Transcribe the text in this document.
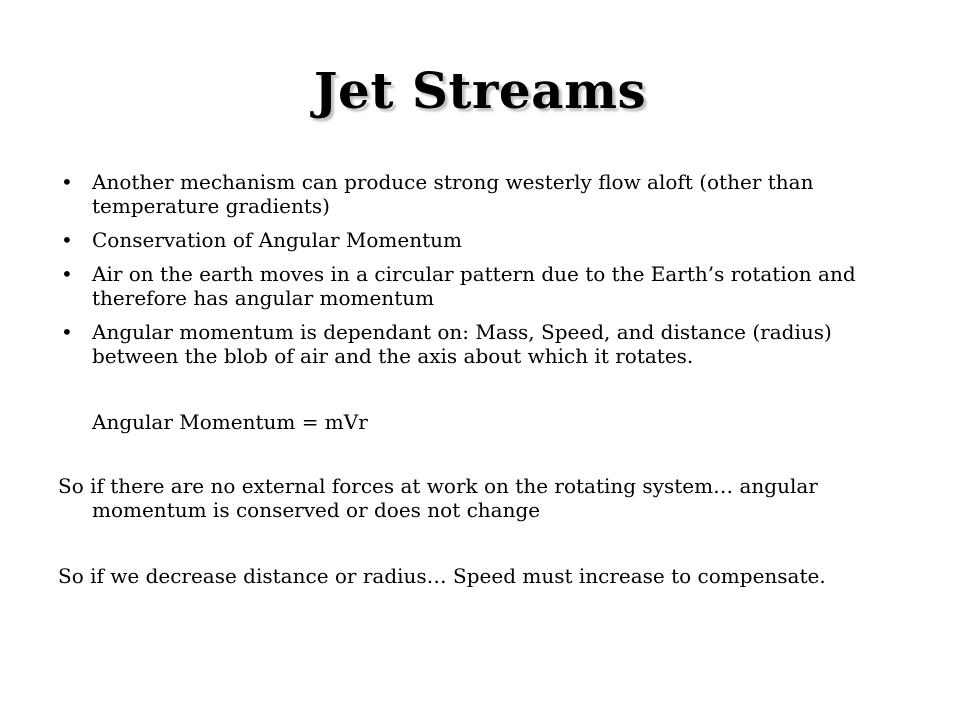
Jet Streams
• Another mechanism can produce strong westerly flow aloft (other than temperature gradients)
• Conservation of Angular Momentum
• Air on the earth moves in a circular pattern due to the Earth’s rotation and therefore has angular momentum
• Angular momentum is dependant on: Mass, Speed, and distance (radius) between the blob of air and the axis about which it rotates.
Angular Momentum = mVr
So if there are no external forces at work on the rotating system… angular momentum is conserved or does not change
So if we decrease distance or radius… Speed must increase to compensate.
